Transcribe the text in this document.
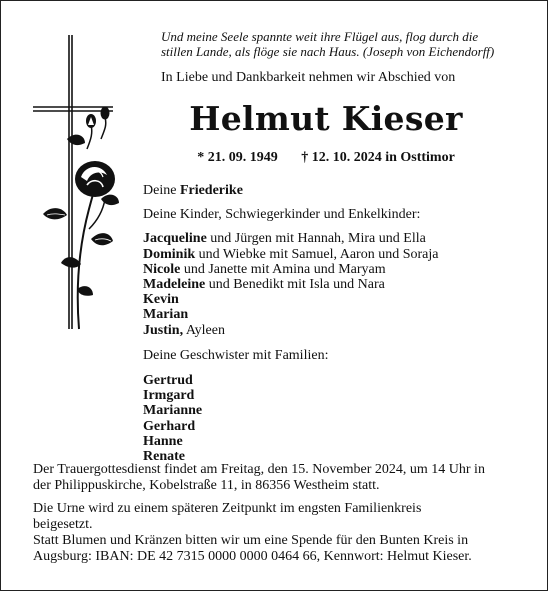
Und meine Seele spannte weit ihre Flügel aus, flog durch die
stillen Lande, als flöge sie nach Haus. (Joseph von Eichendorff)
In Liebe und Dankbarkeit nehmen wir Abschied von
Helmut Kieser
* 21. 09. 1949 † 12. 10. 2024 in Osttimor
Deine Friederike
Deine Kinder, Schwiegerkinder und Enkelkinder:
Jacqueline und Jürgen mit Hannah, Mira und Ella
Dominik und Wiebke mit Samuel, Aaron und Soraja
Nicole und Janette mit Amina und Maryam
Madeleine und Benedikt mit Isla und Nara
Kevin
Marian
Justin, Ayleen
Deine Geschwister mit Familien:
Gertrud
Irmgard
Marianne
Gerhard
Hanne
Renate
Der Trauergottesdienst findet am Freitag, den 15. November 2024, um 14 Uhr in
der Philippuskirche, Kobelstraße 11, in 86356 Westheim statt.
Die Urne wird zu einem späteren Zeitpunkt im engsten Familienkreis
beigesetzt.
Statt Blumen und Kränzen bitten wir um eine Spende für den Bunten Kreis in
Augsburg: IBAN: DE 42 7315 0000 0000 0464 66, Kennwort: Helmut Kieser.
